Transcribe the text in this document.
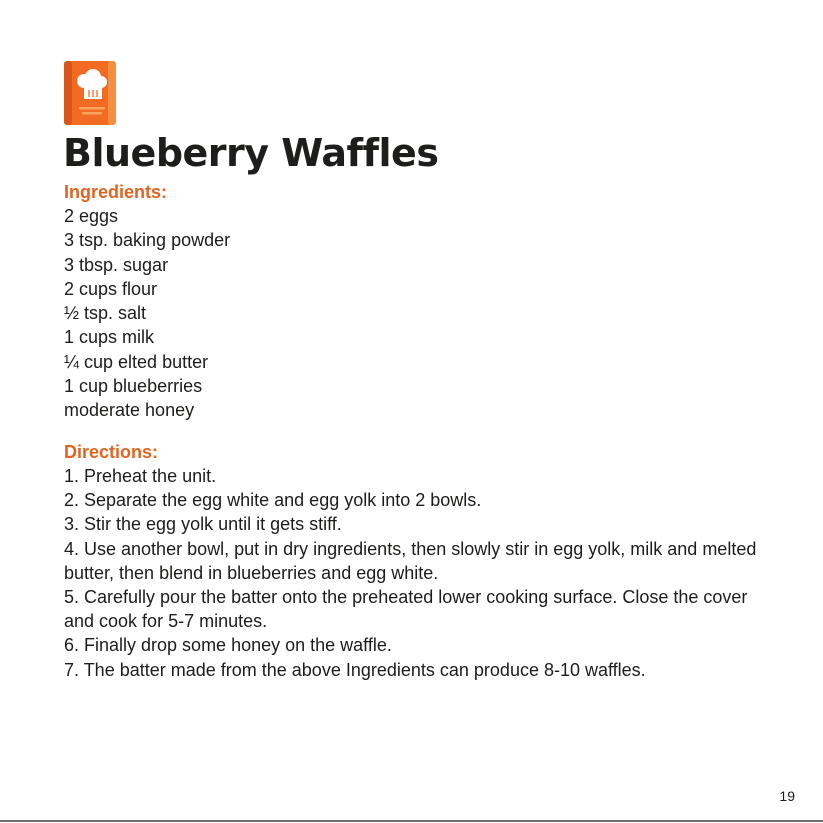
Blueberry Waffles
Ingredients:
2 eggs
3 tsp. baking powder
3 tbsp. sugar
2 cups flour
½ tsp. salt
1 cups milk
¼ cup elted butter
1 cup blueberries
moderate honey
Directions:
1. Preheat the unit.
2. Separate the egg white and egg yolk into 2 bowls.
3. Stir the egg yolk until it gets stiff.
4. Use another bowl, put in dry ingredients, then slowly stir in egg yolk, milk and melted butter, then blend in blueberries and egg white.
5. Carefully pour the batter onto the preheated lower cooking surface. Close the cover and cook for 5-7 minutes.
6. Finally drop some honey on the waffle.
7. The batter made from the above Ingredients can produce 8-10 waffles.
19
